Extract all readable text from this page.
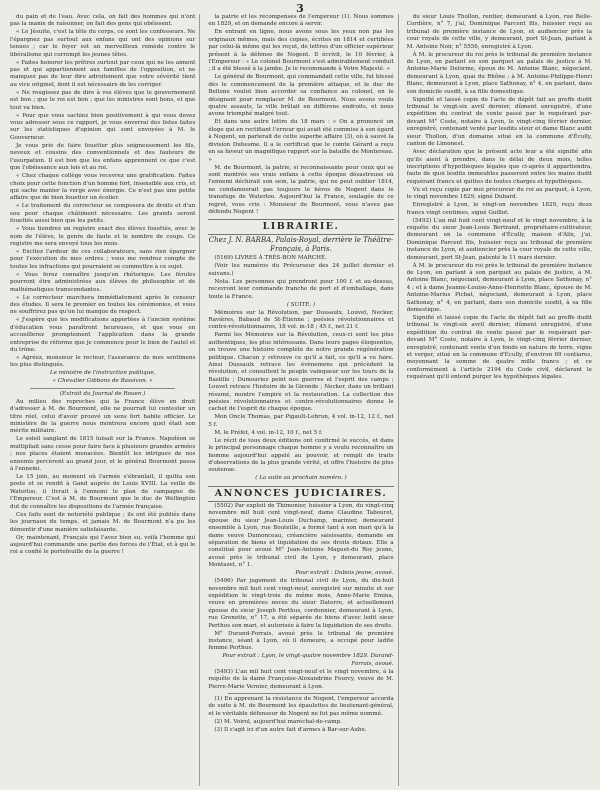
3

du pain et de l'eau. Avec cela, on fait des hommes qui n'ont pas la manie de raisonner, on fait des gens qui obéissent.

« Le Jésuite, c'est la tête du corps, ce sont les confesseurs. Ne l'épargnez pas surtout aux enfans qui ont des opinions sur tenues ; car le foyer est un merveilleux remède contre le libéralisme qui corrompt les jeunes têtes.

« Faites honorer les prêtres surtout par ceux qui ne les aiment pas et qui appartiennent aux familles de l'opposition, et ne manquez pas de leur dire adroitement que votre sévérité tient au vice originel, dont il est nécessaire de les corriger.

« Ne rougissez pas de dire à vos élèves que le gouvernement est bon ; que le roi est bon ; que les ministres sont bons, et que tout va bien.

« Pour que vous sachiez bien positivement à qui vous devez vous adresser sous ce rapport, je vous enverrai des listes faites sur les statistiques d'opinion qui sont envoyées à M. le Gouverneur.

Je vous prie de faire fouetter plus soigneusement les fils, neveux et cousins des conventionnels et des fauteurs de l'usurpation. Il est bon que les enfans apprennent ce que c'est que l'obéissance aux lois et au roi.

« Chez chaque collège vous recevrez une gratification. Faites choix pour cette fonction d'un homme fort, insensible aux cris, et qui sache manier la verge avec énergie. Ce n'est pas une petite affaire que de bien fouetter un écolier.

« Le traitement du correcteur se composera de droits et d'un sou pour chaque châtiment nécessaire. Les grands seront fouettés aussi bien que les petits.

« Vous tiendrez un registre exact des élèves fouettés, avec le nom de l'élève, le genre de faute et le nombre de coups. Ce registre me sera envoyé tous les mois.

« Excitez l'ardeur de ces collaborateurs, sans rien épargner pour l'exécution de mes ordres ; vous me rendrez compte de toutes les infractions qui pourraient se commettre à ce sujet.

« Vous ferez connaître jusqu'en rhétorique. Les férules pourront être administrées aux élèves de philosophie et de mathématiques transcendantes.

« Le correcteur marchera immédiatement après le censeur des études. Il sera le premier en toutes les cérémonies, et vous ne souffrirez pas qu'on lui manque de respect.

« J'espère que les modifications apportées à l'ancien système d'éducation vous paraîtront heureuses, et que vous en accueillerez promptement l'application dans la grande entreprise de réforme que je commence pour le bien de l'autel et du trône.

« Agréez, monsieur le recteur, l'assurance de mes sentimens les plus distingués.

Le ministre de l'instruction publique,

« Chevalier Gibbons de Bassivon. »

(Extrait du Journal de Rouen.)

Au milieu des reproches qui la France élève en droit d'adresser à M. de Bourmont, elle ne pourrait lui contester un titre réel, celui d'avoir prouvé un sens fort habile officier. Le ministère de la guerre nous montrera encore quel était son mérite militaire.

Le soleil sanglant de 1815 luisait sur la France. Napoléon se multipliait sans cesse pour faire face à plusieurs grandes armées ; nos places étaient menacées. Bientôt les intrigues de nos ennemis percèrent au grand jour, et le général Bourmont passa à l'ennemi.

Le 15 juin, au moment où l'armée s'ébranlait, il quitta son poste et se rendit à Gand auprès de Louis XVIII. La veille de Waterloo, il livrait à l'ennemi le plan de campagne de l'Empereur. C'est à M. de Bourmont que le duc de Wellington dut de connaître les dispositions de l'armée française.

Ces faits sont de notoriété publique ; ils ont été publiés dans les journaux du temps, et jamais M. de Bourmont n'a pu les démentir d'une manière satisfaisante.

Or, maintenant, Français qui l'avez bien su, voilà l'homme qui aujourd'hui commande une partie des forces de l'État, et à qui le roi a confié le portefeuille de la guerre !

la patrie et les récompenses de l'empereur (1). Nous sommes en 1829, et on demande encore à servir.

En entrant en ligne, nous avons sous les yeux non pas les originaux mêmes, mais des copies, écrites en 1814 et certifiées par celui-là même qui les reçut, de lettres d'un officier supérieur présent à la défense de Nogent. Il écrivit, le 10 février, à l'Empereur : « Le colonel Bourmont s'est admirablement conduit ; il a été blessé à la jambe. Je le recommande à Votre Majesté. »

Le général de Bourmont, qui commandait cette ville, fut blessé dès le commencement de la première attaque, et le duc de Bellune voulut bien accorder sa confiance au colonel, en le désignant pour remplacer M. de Bourmont. Nous avons voulu quatre assauts, la ville brûlait en différens endroits, et nous avons triomphé malgré tout.

Et dans une autre lettre du 18 mars : « On a prononcé un éloge qui en rectifiant l'erreur qui avait été commise à son égard à Nogent, un parlerait de cette superbe affaire (3), où à sauvé la division Duhesme. Il a le certificat que le comte Gérard a reçu en sa faveur un magnifique rapport sur la bataille de Montereau. »

M. de Bourmont, la patrie, si reconnaissante pour ceux qui se sont montrés ses vrais enfans à cette époque désastreuse où l'ennemi déchirait son sein, la patrie, qui ne peut oublier 1814, ne condamnerait pas toujours le héros de Nogent dans le transfuge de Waterloo. Aujourd'hui la France, soulagée de ce regret, vous crie : Monsieur de Bourmont, vous n'avez pas défendu Nogent !

LIBRAIRIE.
Chez J. N. BARBA, Palais-Royal, derrière le Théâtre-Français, à Paris.

(5169) LIVRES À TRÈS-BON MARCHÉ.

(Voir les numéros du Précurseur des 24 juillet dernier et suivans.)

Nota. Les personnes qui prendront pour 100 f. et au-dessus, recevront leur commande franche de port et d'emballage, dans toute la France.

( SUITE. )

Mémoires sur la Révolution, par Dussaulx, Louvet, Necker, Ravières, Babaud de St-Étienne ; poésies révolutionnaires et contre-révolutionnaires, 18 vol. in-18 ; 45 f., net 21 f.

Parmi les Mémoires sur la Révolution, ceux-ci sont les plus authentiques, les plus intéressans. Dans leurs pages éloquentes, on trouve une histoire complète de notre grande régénération politique. Chacun y retrouve ce qu'il a fait, ce qu'il a vu faire. Ainsi Dussaulx retrace les évènemens qui précèdent la révolution, et consultent le peuple vainqueur sur les tours de la Bastille ; Dumouriez peint nos guerres et l'esprit des camps ; Louvet retrace l'histoire de la Gironde ; Necker, dans un brillant résumé, montre l'empire et la restauration. La collection des poésies révolutionnaires et contre-révolutionnaires donne le cachet de l'esprit de chaque époque.

Mon Oncle Thomas, par Pigault-Lebrun, 4 vol. in-12, 12 f., net 5 f.

M. le Préfet, 4 vol. in-12, 10 f., net 5 f.

Le récit de tous deux éditions ont confirmé le succès, et dans le principal personnage chaque homme y a voulu reconnaître un homme aujourd'hui appelé au pouvoir, et rempli de traits d'observations de la plus grande vérité, et offre l'histoire de plus soutenue.

( La suite au prochain numéro. )

ANNONCES JUDICIAIRES.

(5502) Par exploit de Thimonier, huissier à Lyon, du vingt-cinq novembre mil huit cent vingt-neuf, dame Claudine Tabouret, épouse du sieur Jean-Louis Duchamp, marinier, demeurant ensemble à Lyon, rue Bouteille, a formé tant à son mari qu'à la dame veuve Dumonceau, créancière saisissante, demande en séparation de biens et liquidation de ses droits dotaux. Elle a constitué pour avoué M° Jean-Antoine Maguet-du Roy jeune, avoué près le tribunal civil de Lyon, y demeurant, place Montazet, n° 1.

Pour extrait : Dubois jeune, avoué.

(5496) Par jugement du tribunal civil de Lyon, du dix-huit novembre mil huit cent vingt-neuf, enregistré sur minute et sur expédition le vingt-trois du même mois, Anne-Marie Emina, veuve en premières noces du sieur Daterre, et actuellement épouse du sieur Joseph Perthus, cordonnier, demeurant à Lyon, rue Grenette, n° 17, a été séparée de biens d'avec ledit sieur Perthus son mari, et autorisée à faire la liquidation de ses droits.

M° Durand-Forrais, avoué près le tribunal de première instance, séant à Lyon, où il demeure, a occupé pour ladite femme Perthus.

Pour extrait : Lyon, le vingt-quatre novembre 1829. Durand-Forrais, avoué.

(5493) L'an mil huit cent vingt-neuf et le vingt novembre, à la requête de la dame Françoise-Alexandrine Fourcy, veuve de M. Pierre-Marie Vernier, demeurant à Lyon.

(1) En apprenant la résistance de Nogent, l'empereur accorda de suite à M. de Bourmont les épaulettes de lieutenant-général, et le véritable défenseur de Nogent ne fut pas même nommé.

(2) M. Voirol, aujourd'hui maréchal-de-camp.

(3) Il s'agit ici d'un autre fait d'armes à Bar-sur-Aube.

du sieur Louis Thollon, rentier, demeurant à Lyon, rue Belle-Cordière, n° 7, j'ai, Dominique Parcent fils, huissier reçu au tribunal de première instance de Lyon, et audiencier près la cour royale de cette ville, y demeurant, port St-Jean, parlant à M. Antoine Noir, n° 5556, enregistré à Lyon.

À M. le procureur du roi près le tribunal de première instance de Lyon, en parlant en son parquet au palais de justice à M. Antoine-Marie Delorme, époux de M. Antoine Blanc, négociant, demeurant à Lyon, quai du Rhône ; à M. Antoine-Philippe-Henri Blanc, demeurant à Lyon, place Sathonay, n° 4, en parlant, dans son domicile susdit, à sa fille domestique.

Signifié et laissé copie de l'acte de dépôt fait au greffe dudit tribunal le vingt-six avril dernier, dûment enregistré, d'une expédition du contrat de vente passé par le requérant par-devant M° Coste, notaire à Lyon, le vingt-cinq février dernier, enregistré, contenant vente par lesdits sieur et dame Blanc audit sieur Thollon, d'un domaine situé en la commune d'Écully, canton de Limonest.

Avec déclaration que le présent acte leur a été signifié afin qu'ils aient à prendre, dans le délai de deux mois, telles inscriptions d'hypothèques légales que ci-après il appartiendra, faute de quoi lesdits immeubles passeront entre les mains dudit requérant francs et quittes de toutes charges et hypothèques.

Vu et reçu copie par moi procureur du roi au parquet, à Lyon, le vingt novembre 1829, signé Dubard.

Enregistré à Lyon, le vingt-un novembre 1829, reçu deux francs vingt centimes, signé Guillot.

(5492) L'an mil huit cent vingt-neuf et le vingt novembre, à la requête du sieur Jean-Louis Bertrand, propriétaire-cultivateur, demeurant en la commune d'Écully, maison d'Alix, j'ai, Dominique Parcent fils, huissier reçu au tribunal de première instance de Lyon, et audiencier près la cour royale de cette ville, demeurant, port St-Jean, patenté le 11 mars dernier.

À M. le procureur du roi près le tribunal de première instance de Lyon, en parlant à son parquet au palais de justice, à M. Antoine Blanc, négociant, demeurant à Lyon, place Sathonay, n° 4 ; et à dame Jeanne-Louise-Anne-Henriette Blanc, épouse de M. Antoine-Marius Pichat, négociant, demeurant à Lyon, place Sathonay, n° 4, en parlant, dans son domicile susdit, à sa fille domestique.

Signifié et laissé copie de l'acte de dépôt fait au greffe dudit tribunal le vingt-six avril dernier, dûment enregistré, d'une expédition du contrat de vente passé par le requérant par-devant M° Coste, notaire à Lyon, le vingt-cinq février dernier, enregistré, contenant vente d'un fonds en nature de terre, vigne et verger, situé en la commune d'Écully, d'environ 69 centiares, moyennant la somme de quatre mille francs ; et ce conformément à l'article 2194 du Code civil, déclarant le requérant qu'il entend purger les hypothèques légales.
